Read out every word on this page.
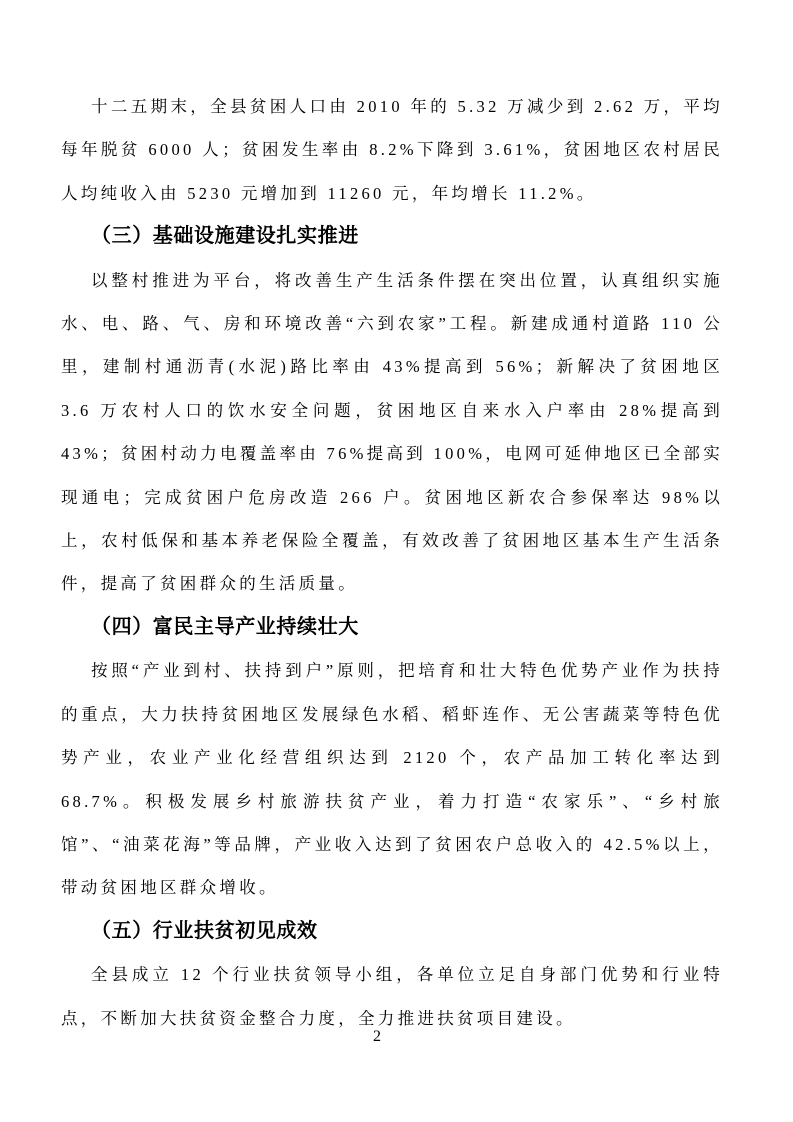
十二五期末，全县贫困人口由 2010 年的 5.32 万减少到 2.62 万，平均每年脱贫 6000 人；贫困发生率由 8.2%下降到 3.61%，贫困地区农村居民人均纯收入由 5230 元增加到 11260 元，年均增长 11.2%。

（三）基础设施建设扎实推进

以整村推进为平台，将改善生产生活条件摆在突出位置，认真组织实施水、电、路、气、房和环境改善“六到农家”工程。新建成通村道路 110 公里，建制村通沥青(水泥)路比率由 43%提高到 56%；新解决了贫困地区 3.6 万农村人口的饮水安全问题，贫困地区自来水入户率由 28%提高到 43%；贫困村动力电覆盖率由 76%提高到 100%，电网可延伸地区已全部实现通电；完成贫困户危房改造 266 户。贫困地区新农合参保率达 98%以上，农村低保和基本养老保险全覆盖，有效改善了贫困地区基本生产生活条件，提高了贫困群众的生活质量。

（四）富民主导产业持续壮大

按照“产业到村、扶持到户”原则，把培育和壮大特色优势产业作为扶持的重点，大力扶持贫困地区发展绿色水稻、稻虾连作、无公害蔬菜等特色优势产业，农业产业化经营组织达到 2120 个，农产品加工转化率达到 68.7%。积极发展乡村旅游扶贫产业，着力打造“农家乐”、“乡村旅馆”、“油菜花海”等品牌，产业收入达到了贫困农户总收入的 42.5%以上，带动贫困地区群众增收。

（五）行业扶贫初见成效

全县成立 12 个行业扶贫领导小组，各单位立足自身部门优势和行业特点，不断加大扶贫资金整合力度，全力推进扶贫项目建设。

2
